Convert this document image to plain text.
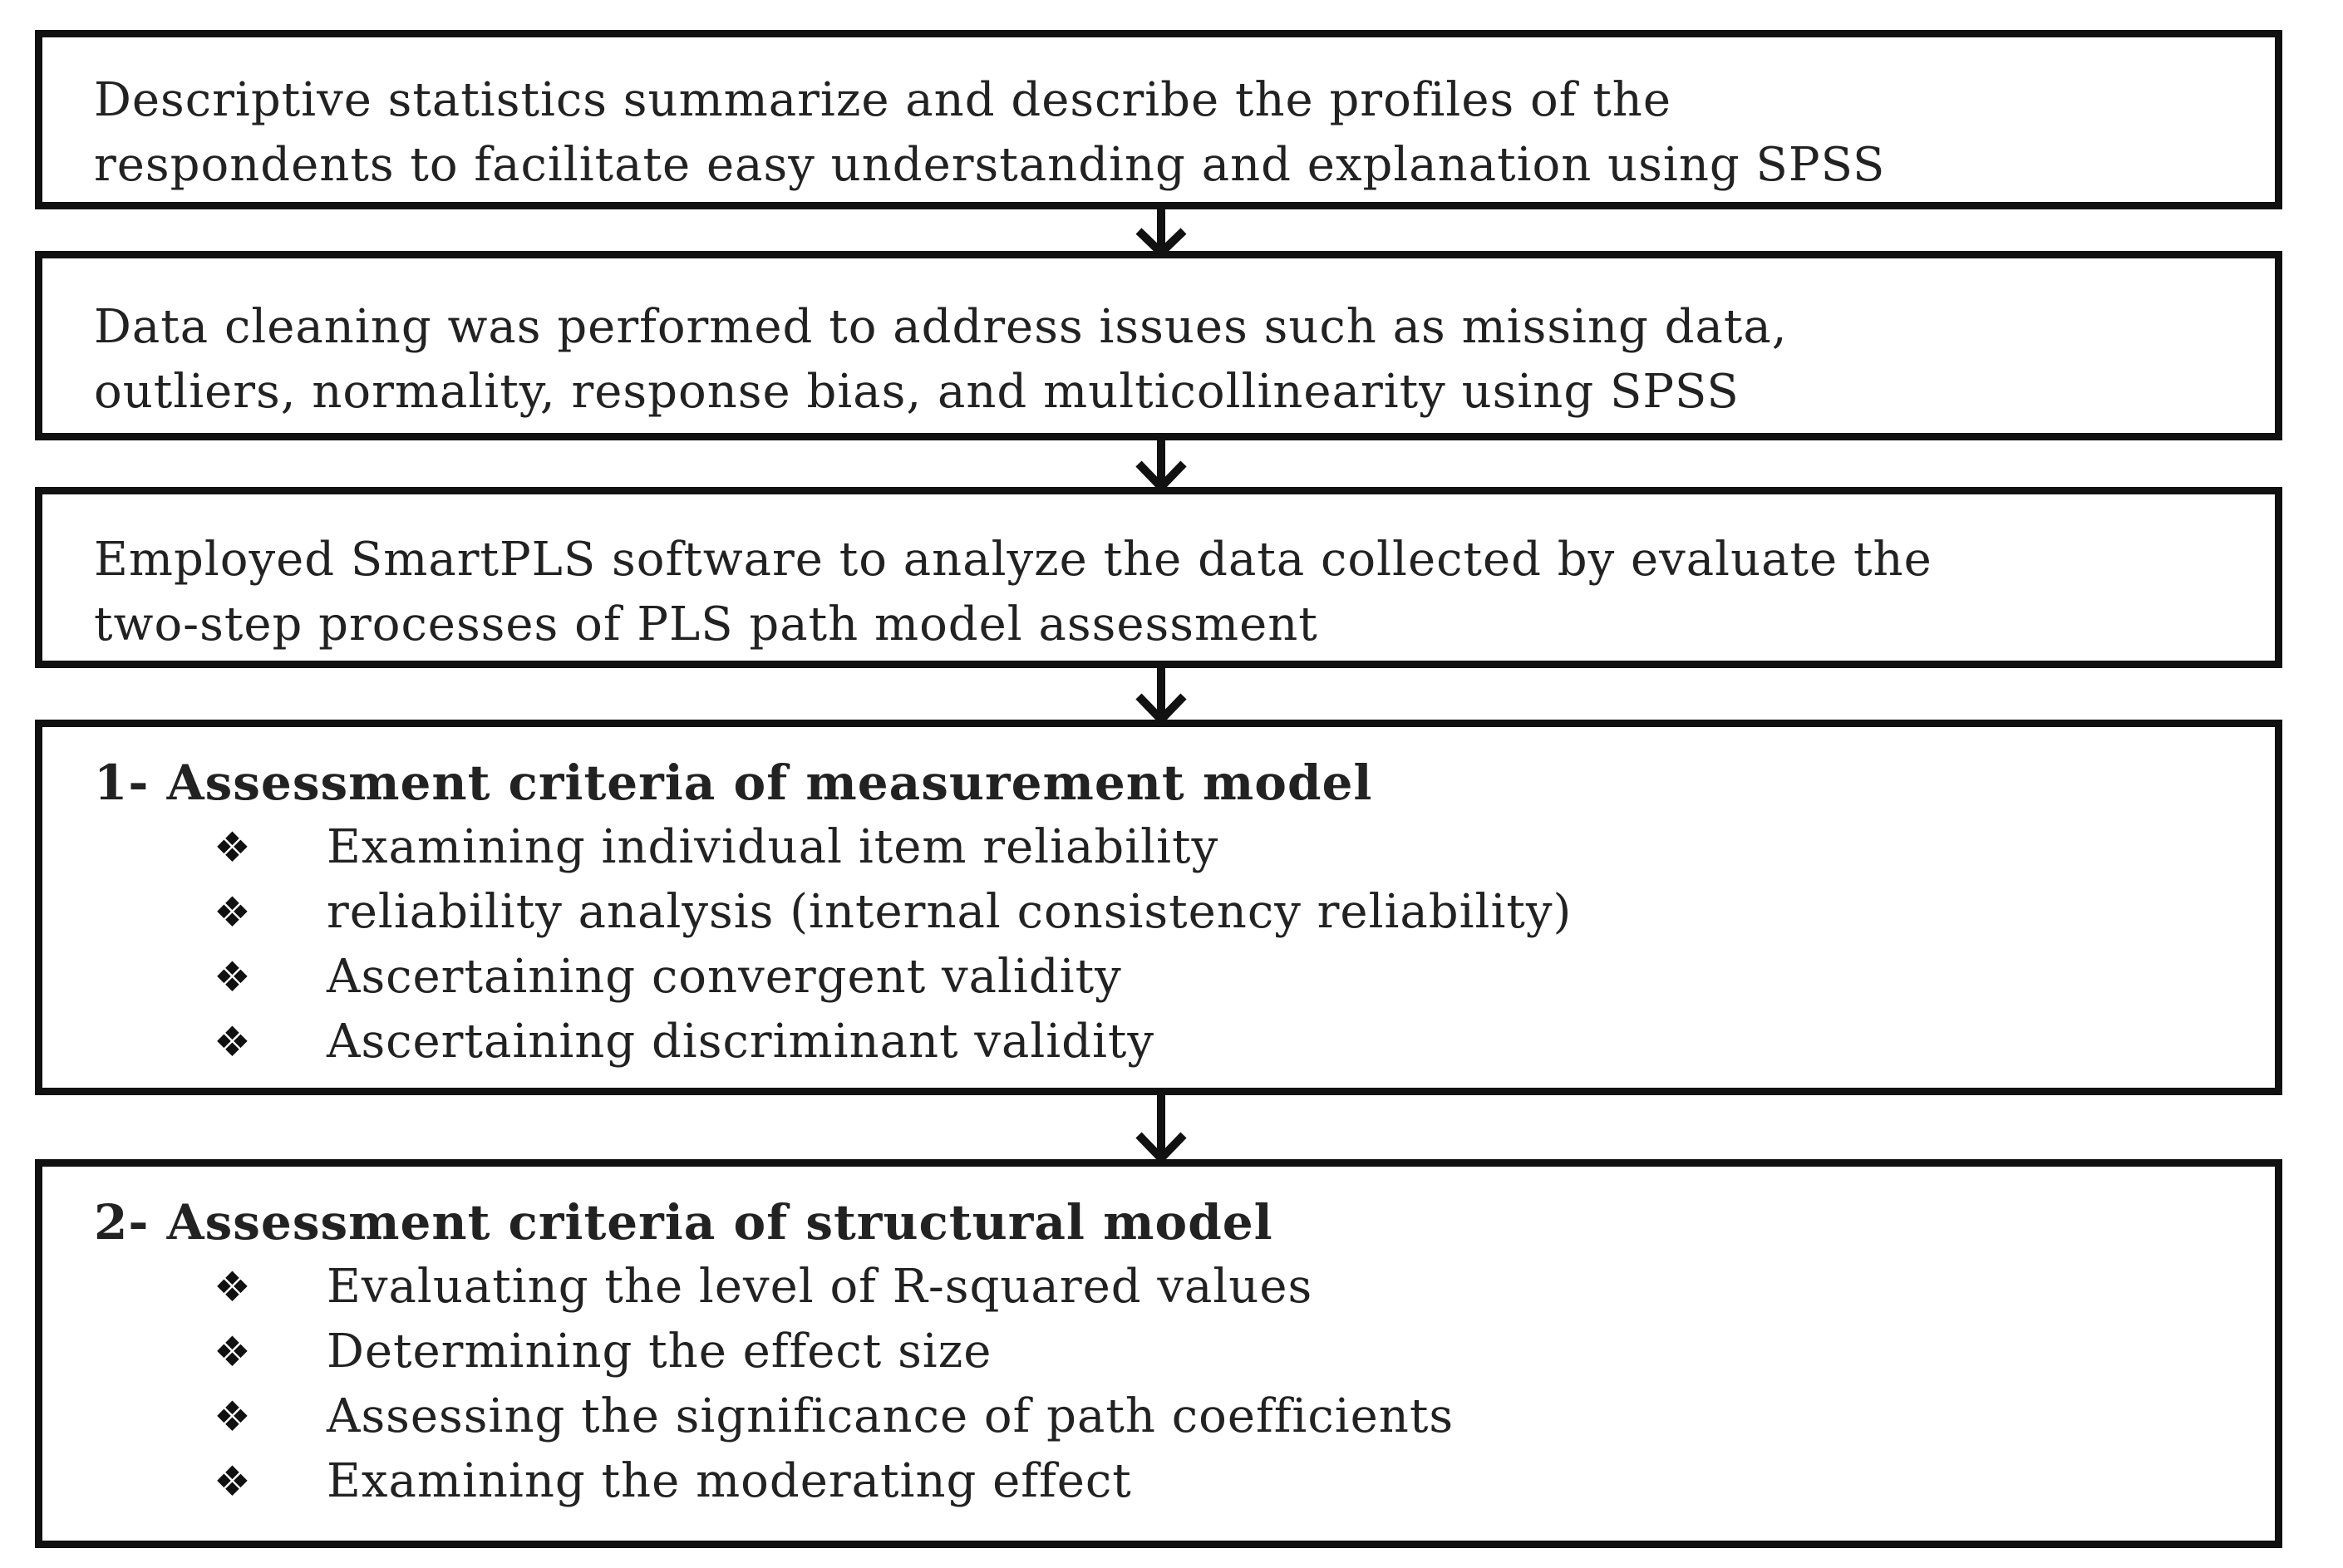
Descriptive statistics summarize and describe the profiles of the
respondents to facilitate easy understanding and explanation using SPSS
Data cleaning was performed to address issues such as missing data,
outliers, normality, response bias, and multicollinearity using SPSS
Employed SmartPLS software to analyze the data collected by evaluate the
two-step processes of PLS path model assessment
1- Assessment criteria of measurement model
❖ Examining individual item reliability
❖ reliability analysis (internal consistency reliability)
❖ Ascertaining convergent validity
❖ Ascertaining discriminant validity
2- Assessment criteria of structural model
❖ Evaluating the level of R-squared values
❖ Determining the effect size
❖ Assessing the significance of path coefficients
❖ Examining the moderating effect
